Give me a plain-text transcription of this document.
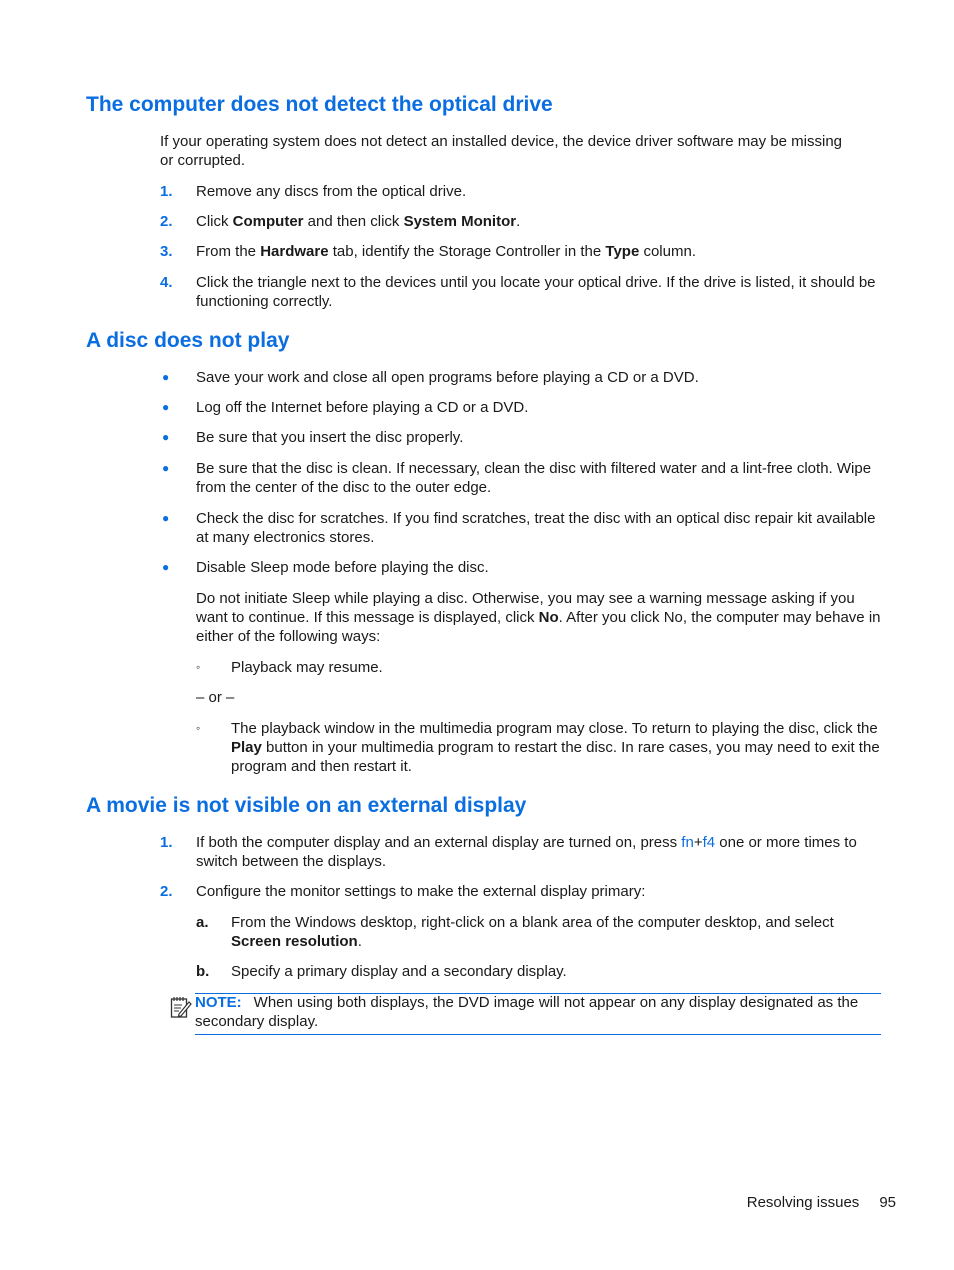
The computer does not detect the optical drive

If your operating system does not detect an installed device, the device driver software may be missing or corrupted.

1. Remove any discs from the optical drive.

2. Click Computer and then click System Monitor.

3. From the Hardware tab, identify the Storage Controller in the Type column.

4. Click the triangle next to the devices until you locate your optical drive. If the drive is listed, it should be functioning correctly.

A disc does not play
● Save your work and close all open programs before playing a CD or a DVD.

● Log off the Internet before playing a CD or a DVD.

● Be sure that you insert the disc properly.

● Be sure that the disc is clean. If necessary, clean the disc with filtered water and a lint-free cloth. Wipe from the center of the disc to the outer edge.

● Check the disc for scratches. If you find scratches, treat the disc with an optical disc repair kit available at many electronics stores.

● Disable Sleep mode before playing the disc.

Do not initiate Sleep while playing a disc. Otherwise, you may see a warning message asking if you want to continue. If this message is displayed, click No. After you click No, the computer may behave in either of the following ways:

◦ Playback may resume.

– or –

◦ The playback window in the multimedia program may close. To return to playing the disc, click the Play button in your multimedia program to restart the disc. In rare cases, you may need to exit the program and then restart it.

A movie is not visible on an external display
1. If both the computer display and an external display are turned on, press fn+f4 one or more times to switch between the displays.

2. Configure the monitor settings to make the external display primary:

a. From the Windows desktop, right-click on a blank area of the computer desktop, and select Screen resolution.

b. Specify a primary display and a secondary display.

NOTE: When using both displays, the DVD image will not appear on any display designated as the secondary display.

Resolving issues 95
